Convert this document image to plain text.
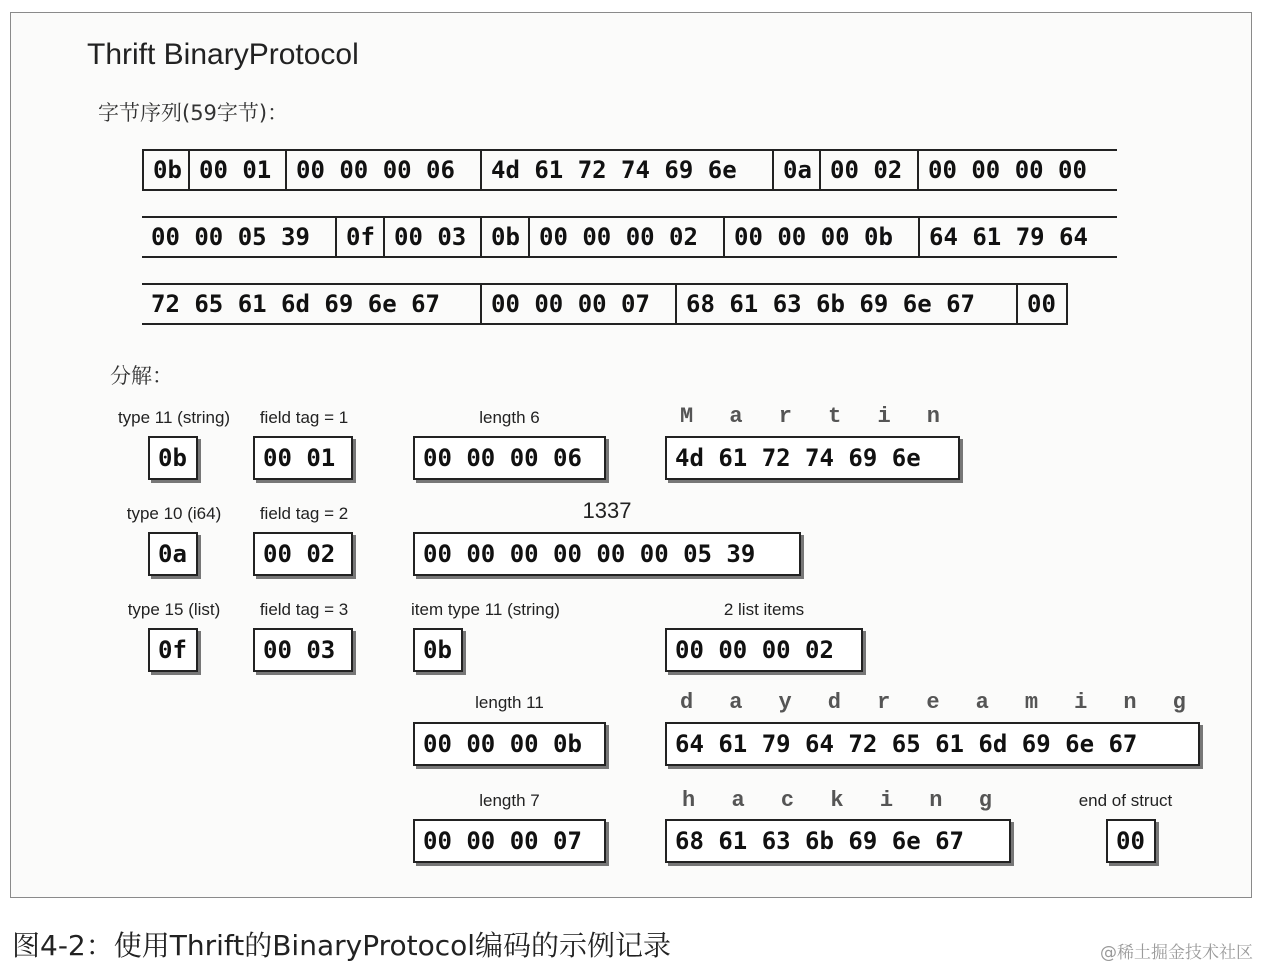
Thrift BinaryProtocol
字节序列(59字节)：
0b 00 01	00 00 00 06	4d 61 72 74 69 6e	0a 00 02	00 00 00 00
00 00 05 39	0f 00 03	0b 00 00 00 02	00 00 00 0b	64 61 79 64
72 65 61 6d 69 6e 67	00 00 00 07	68 61 63 6b 69 6e 67	00
分解：
type 11 (string)
0b
field tag = 1
00 01
length 6
00 00 00 06
M a r t i n
4d 61 72 74 69 6e
type 10 (i64)
0a
field tag = 2
00 02
1337
00 00 00 00 00 00 05 39
type 15 (list)
0f
field tag = 3
00 03
item type 11 (string)
0b
2 list items
00 00 00 02
length 11
00 00 00 0b
d a y d r e a m i n g
64 61 79 64 72 65 61 6d 69 6e 67
length 7
00 00 00 07
h a c k i n g
68 61 63 6b 69 6e 67
end of struct
00
图4-2：使用Thrift的BinaryProtocol编码的示例记录	@稀土掘金技术社区
